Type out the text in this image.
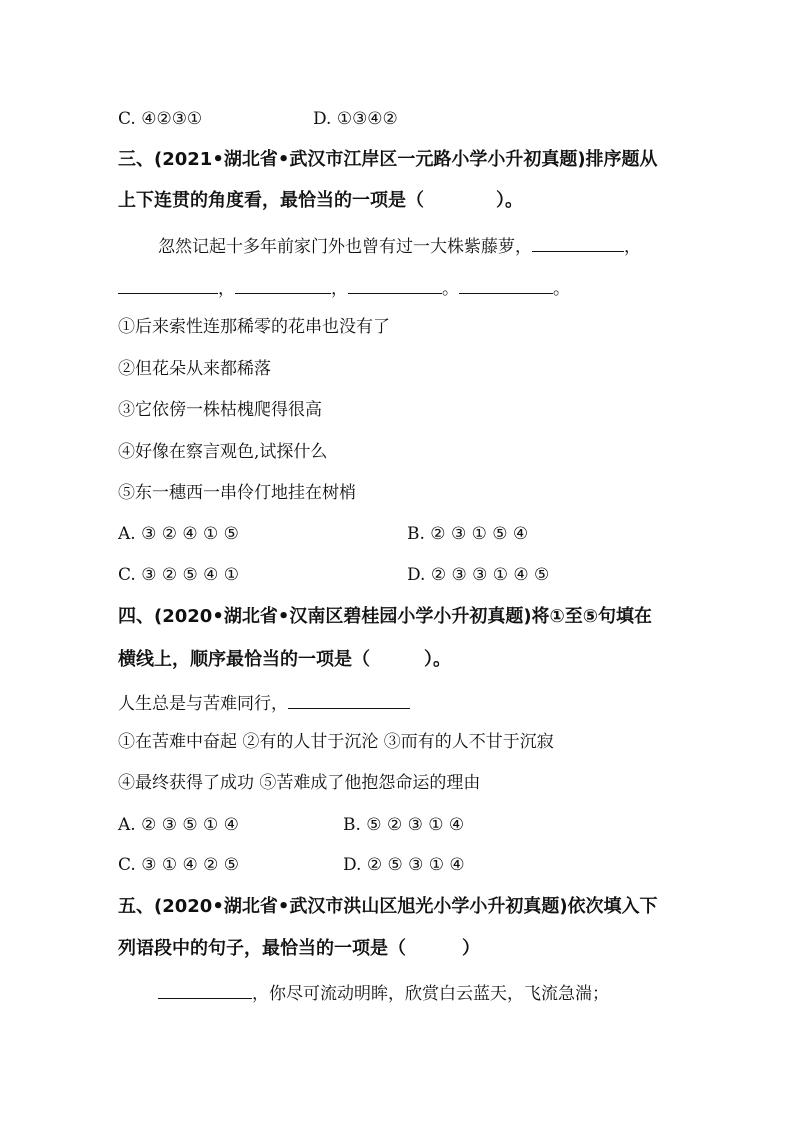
C. ④②③①	D. ①③④②
三、(2021•湖北省•武汉市江岸区一元路小学小升初真题)排序题从
上下连贯的角度看，最恰当的一项是（	）。
忽然记起十多年前家门外也曾有过一大株紫藤萝，	，
，	，	。	。
①后来索性连那稀零的花串也没有了
②但花朵从来都稀落
③它依傍一株枯槐爬得很高
④好像在察言观色,试探什么
⑤东一穗西一串伶仃地挂在树梢
A. ③ ② ④ ① ⑤	B. ② ③ ① ⑤ ④
C. ③ ② ⑤ ④ ①	D. ② ③ ③ ① ④ ⑤
四、(2020•湖北省•汉南区碧桂园小学小升初真题)将①至⑤句填在
横线上，顺序最恰当的一项是（	）。
人生总是与苦难同行，
①在苦难中奋起 ②有的人甘于沉沦 ③而有的人不甘于沉寂
④最终获得了成功 ⑤苦难成了他抱怨命运的理由
A. ② ③ ⑤ ① ④	B. ⑤ ② ③ ① ④
C. ③ ① ④ ② ⑤	D. ② ⑤ ③ ① ④
五、(2020•湖北省•武汉市洪山区旭光小学小升初真题)依次填入下
列语段中的句子，最恰当的一项是（	）
，你尽可流动明眸，欣赏白云蓝天，飞流急湍；
